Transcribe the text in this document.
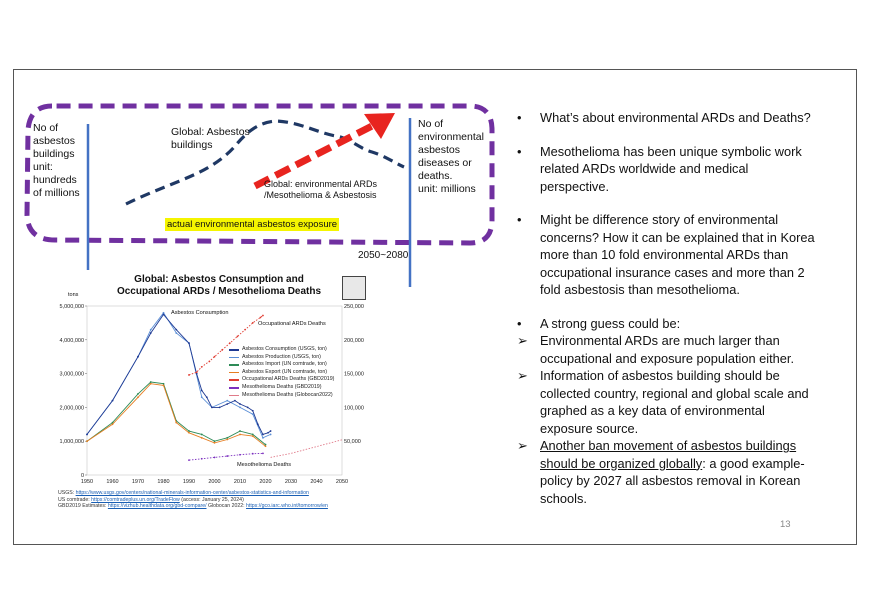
No of
asbestos
buildings
unit:
hundreds
of millions
No of
environmental
asbestos
diseases or
deaths.
unit: millions
Global: Asbestos
buildings
Global: environmental ARDs
/Mesothelioma & Asbestosis
actual environmental asbestos exposure
2050~2080
Global: Asbestos Consumption and
Occupational ARDs / Mesothelioma Deaths
tons
5,000,000
4,000,000
3,000,000
2,000,000
1,000,000
0
250,000
200,000
150,000
100,000
50,000
1950 1960 1970 1980 1990 2000 2010 2020 2030 2040 2050
Asbestos Consumption (USGS, ton)
Asbestos Production (USGS, ton)
Asbestos Import (UN comtrade, ton)
Asbestos Export (UN comtrade, ton)
Occupational ARDs Deaths (GBD2019)
Mesothelioma Deaths (GBD2019)
Mesothelioma Deaths (Globocan2022)
Asbestos Consumption
Occupational ARDs Deaths
Mesothelioma Deaths
USGS: https://www.usgs.gov/centers/national-minerals-information-center/asbestos-statistics-and-information
US comtrade: https://comtradeplus.un.org/TradeFlow (access: January 25, 2024)
GBD2019 Estimates: https://vizhub.healthdata.org/gbd-compare/ Globocan 2022: https://gco.iarc.who.int/tomorrow/en
• What’s about environmental ARDs and Deaths?
• Mesothelioma has been unique symbolic work related ARDs worldwide and medical perspective.
• Might be difference story of environmental concerns? How it can be explained that in Korea more than 10 fold environmental ARDs than occupational insurance cases and more than 2 fold asbestosis than mesothelioma.
• A strong guess could be:
➢ Environmental ARDs are much larger than occupational and exposure population either.
➢ Information of asbestos building should be collected country, regional and global scale and graphed as a key data of environmental exposure source.
➢ Another ban movement of asbestos buildings should be organized globally: a good example-policy by 2027 all asbestos removal in Korean schools.
13
